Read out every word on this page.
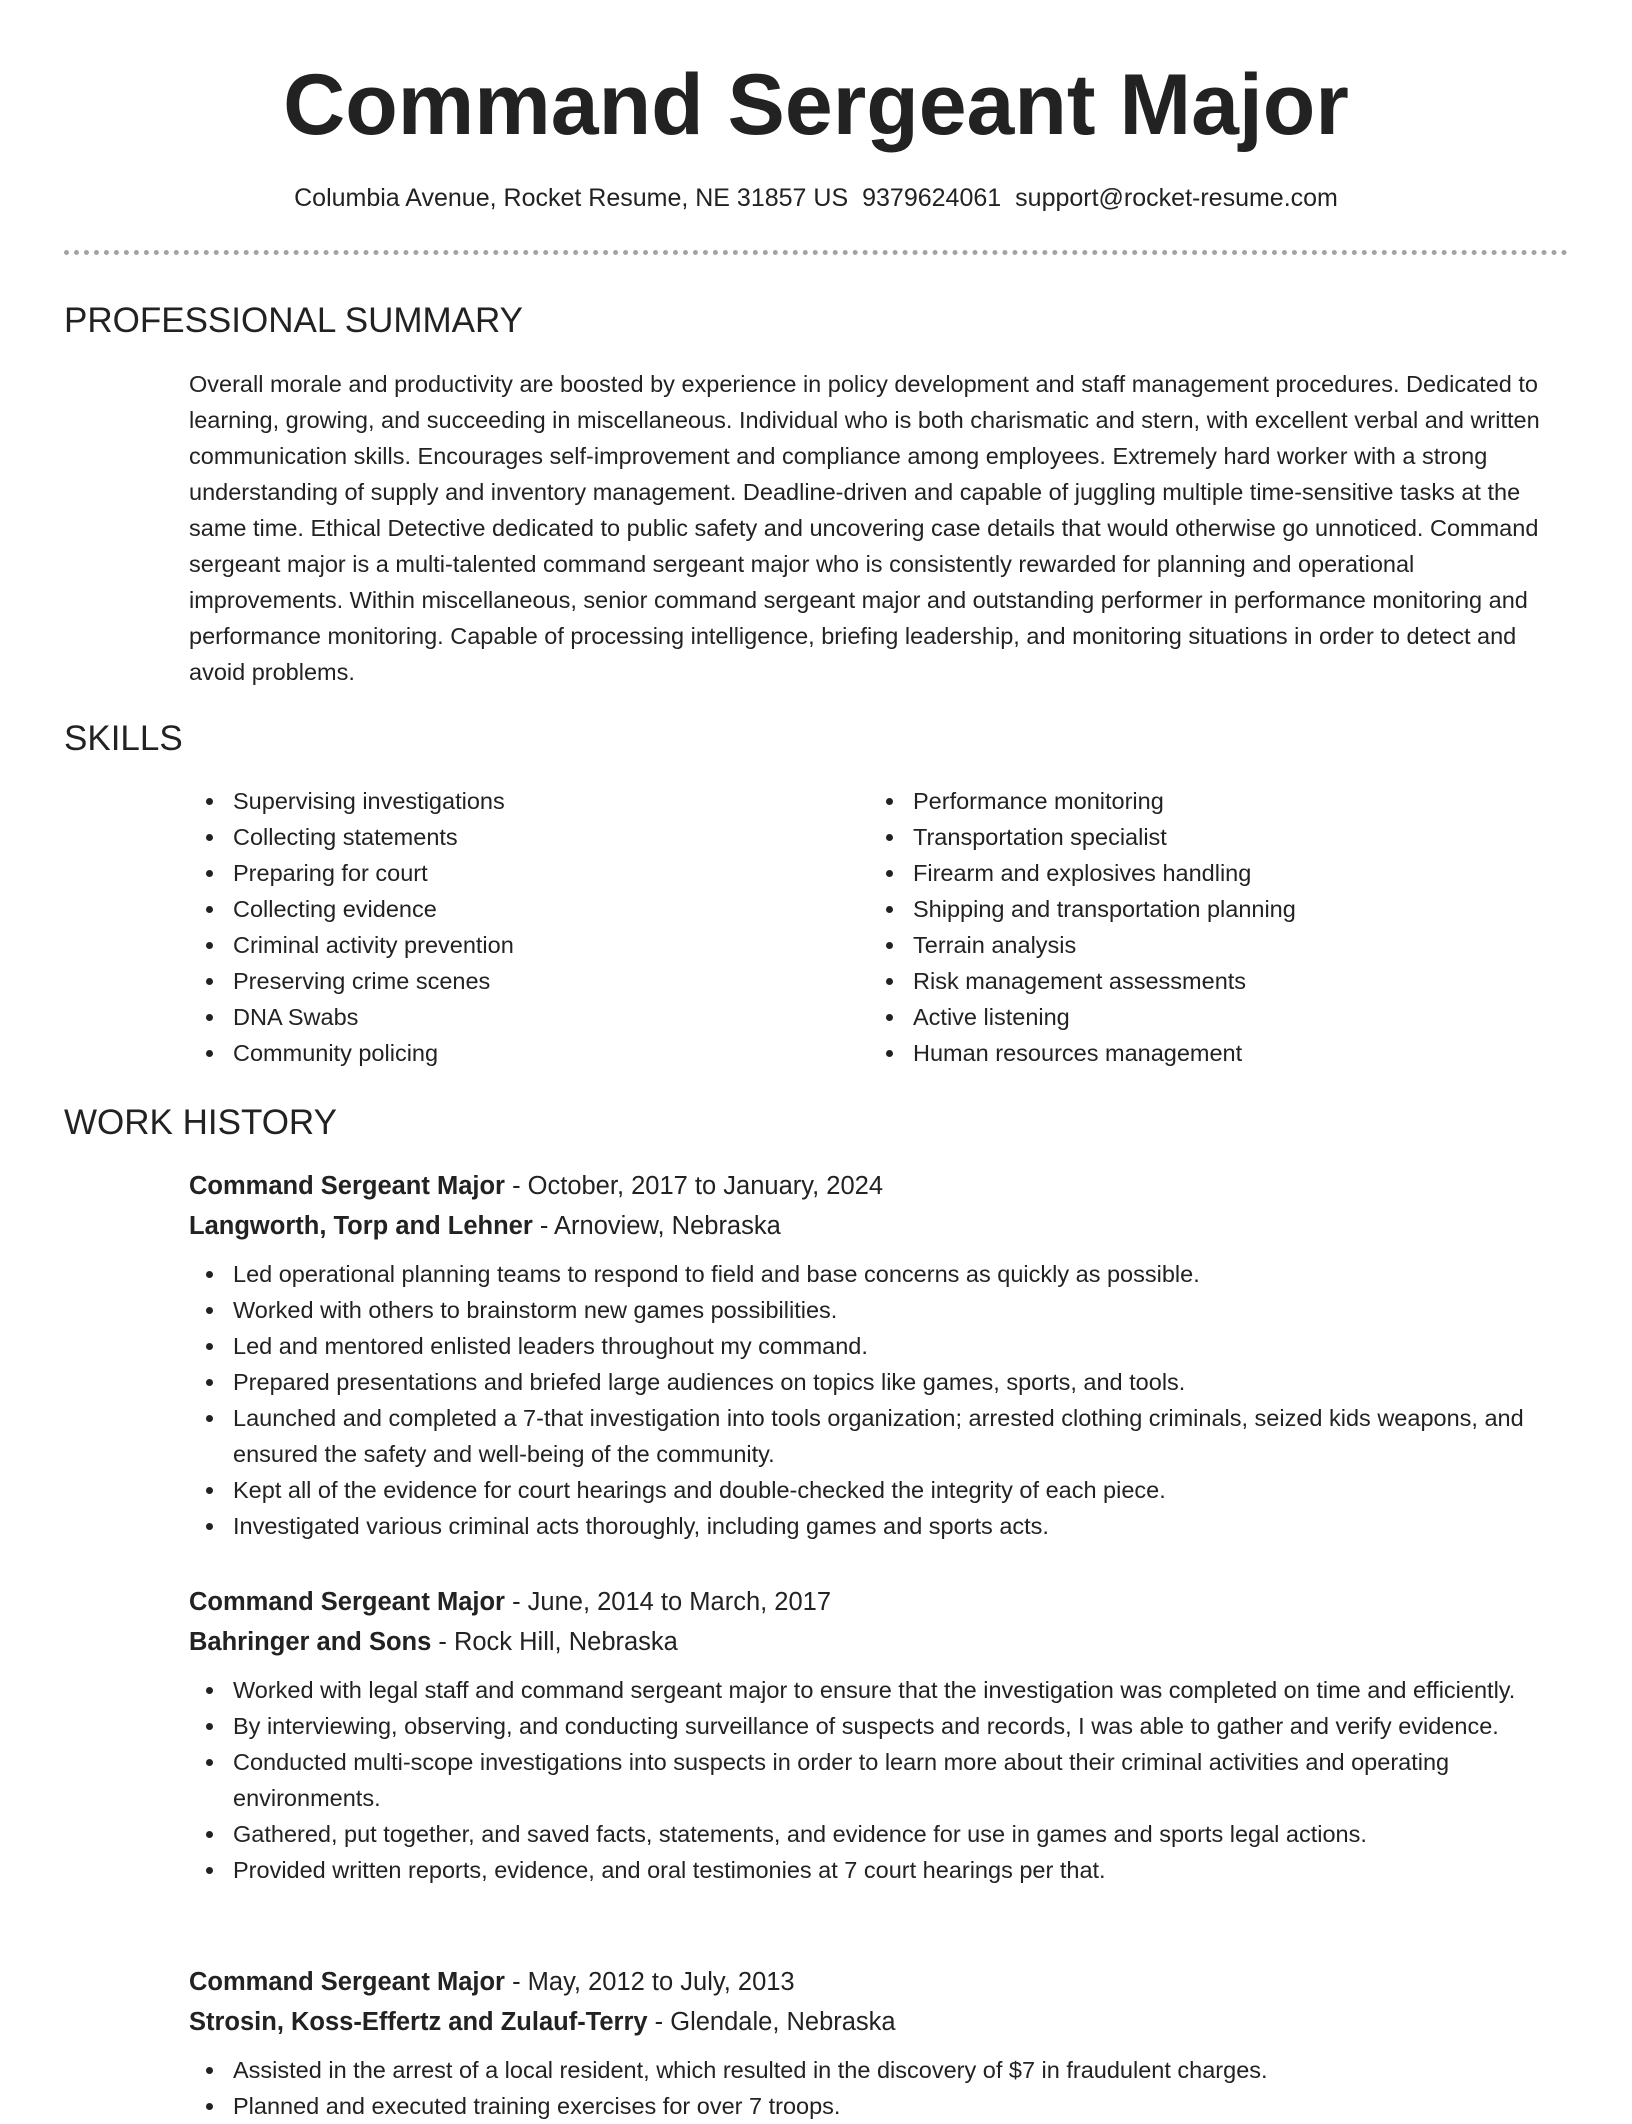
Command Sergeant Major
Columbia Avenue, Rocket Resume, NE 31857 US 9379624061 support@rocket-resume.com
PROFESSIONAL SUMMARY

Overall morale and productivity are boosted by experience in policy development and staff management procedures. Dedicated to learning, growing, and succeeding in miscellaneous. Individual who is both charismatic and stern, with excellent verbal and written communication skills. Encourages self-improvement and compliance among employees. Extremely hard worker with a strong understanding of supply and inventory management. Deadline-driven and capable of juggling multiple time-sensitive tasks at the same time. Ethical Detective dedicated to public safety and uncovering case details that would otherwise go unnoticed. Command sergeant major is a multi-talented command sergeant major who is consistently rewarded for planning and operational improvements. Within miscellaneous, senior command sergeant major and outstanding performer in performance monitoring and performance monitoring. Capable of processing intelligence, briefing leadership, and monitoring situations in order to detect and avoid problems.

SKILLS
Supervising investigations
Collecting statements
Preparing for court
Collecting evidence
Criminal activity prevention
Preserving crime scenes
DNA Swabs
Community policing
Performance monitoring
Transportation specialist
Firearm and explosives handling
Shipping and transportation planning
Terrain analysis
Risk management assessments
Active listening
Human resources management
WORK HISTORY
Command Sergeant Major - October, 2017 to January, 2024
Langworth, Torp and Lehner - Arnoview, Nebraska
Led operational planning teams to respond to field and base concerns as quickly as possible.
Worked with others to brainstorm new games possibilities.
Led and mentored enlisted leaders throughout my command.
Prepared presentations and briefed large audiences on topics like games, sports, and tools.
Launched and completed a 7-that investigation into tools organization; arrested clothing criminals, seized kids weapons, and ensured the safety and well-being of the community.
Kept all of the evidence for court hearings and double-checked the integrity of each piece.
Investigated various criminal acts thoroughly, including games and sports acts.
Command Sergeant Major - June, 2014 to March, 2017
Bahringer and Sons - Rock Hill, Nebraska
Worked with legal staff and command sergeant major to ensure that the investigation was completed on time and efficiently.
By interviewing, observing, and conducting surveillance of suspects and records, I was able to gather and verify evidence.
Conducted multi-scope investigations into suspects in order to learn more about their criminal activities and operating environments.
Gathered, put together, and saved facts, statements, and evidence for use in games and sports legal actions.
Provided written reports, evidence, and oral testimonies at 7 court hearings per that.
Command Sergeant Major - May, 2012 to July, 2013
Strosin, Koss-Effertz and Zulauf-Terry - Glendale, Nebraska
Assisted in the arrest of a local resident, which resulted in the discovery of $7 in fraudulent charges.
Planned and executed training exercises for over 7 troops.
